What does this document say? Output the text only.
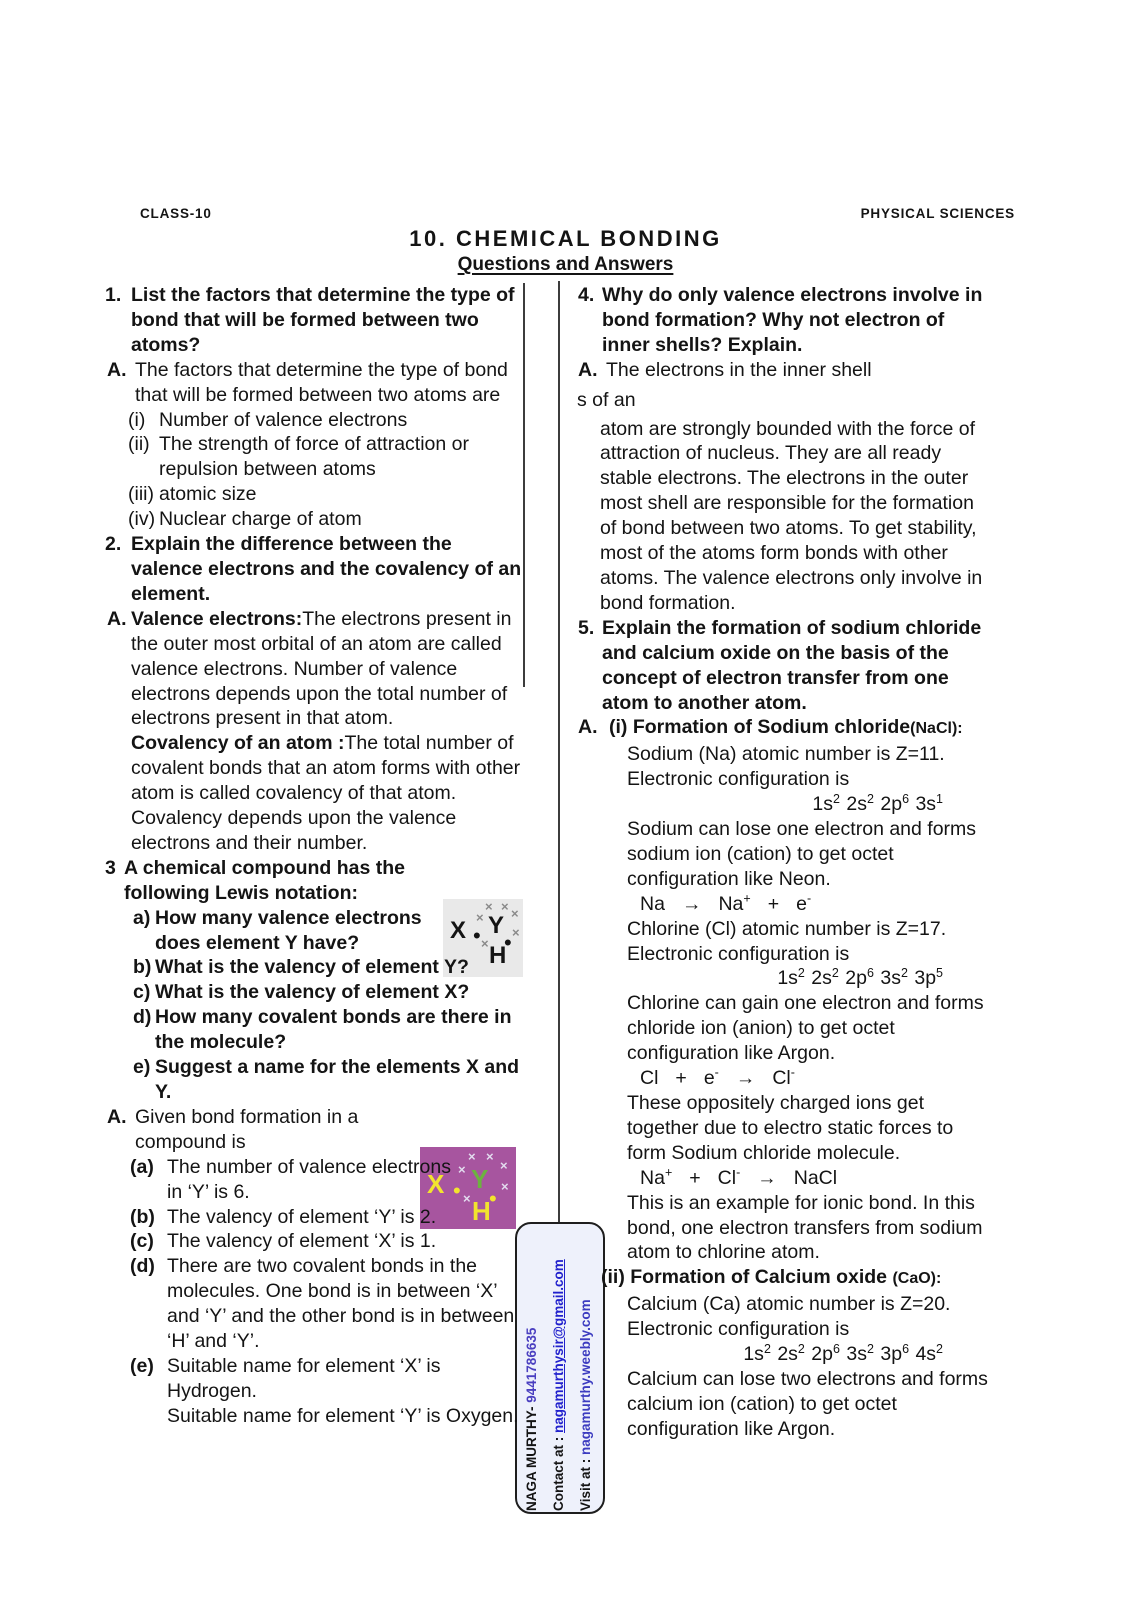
CLASS-10	PHYSICAL SCIENCES
10. CHEMICAL BONDING
Questions and Answers
1. List the factors that determine the type of bond that will be formed between two atoms?
A. The factors that determine the type of bond that will be formed between two atoms are
(i) Number of valence electrons
(ii) The strength of force of attraction or repulsion between atoms
(iii) atomic size
(iv) Nuclear charge of atom
2. Explain the difference between the valence electrons and the covalency of an element.
A. Valence electrons:The electrons present in the outer most orbital of an atom are called valence electrons. Number of valence electrons depends upon the total number of electrons present in that atom.
Covalency of an atom :The total number of covalent bonds that an atom forms with other atom is called covalency of that atom. Covalency depends upon the valence electrons and their number.
3 A chemical compound has the following Lewis notation:
a) How many valence electrons does element Y have?
b) What is the valency of element Y?
c) What is the valency of element X?
d) How many covalent bonds are there in the molecule?
e) Suggest a name for the elements X and Y.
A. Given bond formation in a compound is
(a) The number of valence electrons in ‘Y’ is 6.
(b) The valency of element ‘Y’ is 2.
(c) The valency of element ‘X’ is 1.
(d) There are two covalent bonds in the molecules. One bond is in between ‘X’ and ‘Y’ and the other bond is in between ‘H’ and ‘Y’.
(e) Suitable name for element ‘X’ is Hydrogen.
Suitable name for element ‘Y’ is Oxygen.
4. Why do only valence electrons involve in bond formation? Why not electron of inner shells? Explain.
A. The electrons in the inner shell
s of an
atom are strongly bounded with the force of attraction of nucleus. They are all ready stable electrons. The electrons in the outer most shell are responsible for the formation of bond between two atoms. To get stability, most of the atoms form bonds with other atoms. The valence electrons only involve in bond formation.
5. Explain the formation of sodium chloride and calcium oxide on the basis of the concept of electron transfer from one atom to another atom.
A. (i) Formation of Sodium chloride(NaCl):
Sodium (Na) atomic number is Z=11.
Electronic configuration is
$1s^2$ $2s^2$ $2p^6$ $3s^1$
Sodium can lose one electron and forms sodium ion (cation) to get octet configuration like Neon.
Na → Na+ + e-
Chlorine (Cl) atomic number is Z=17.
Electronic configuration is
$1s^2$ $2s^2$ $2p^6$ $3s^2$ $3p^5$
Chlorine can gain one electron and forms chloride ion (anion) to get octet configuration like Argon.
Cl + e- → Cl-
These oppositely charged ions get together due to electro static forces to form Sodium chloride molecule.
Na+ + Cl- → NaCl
This is an example for ionic bond. In this bond, one electron transfers from sodium atom to chlorine atom.
(ii) Formation of Calcium oxide (CaO):
Calcium (Ca) atomic number is Z=20.
Electronic configuration is
$1s^2$ $2s^2$ $2p^6$ $3s^2$ $3p^6$ $4s^2$
Calcium can lose two electrons and forms calcium ion (cation) to get octet configuration like Argon.
X • Y
× ×
× ×
×
× •
H
X • Y
× ×
×	×
×
× •
H
NAGA MURTHY- 9441786635
Contact at : nagamurthysir@gmail.com
Visit at : nagamurthy.weebly.com
